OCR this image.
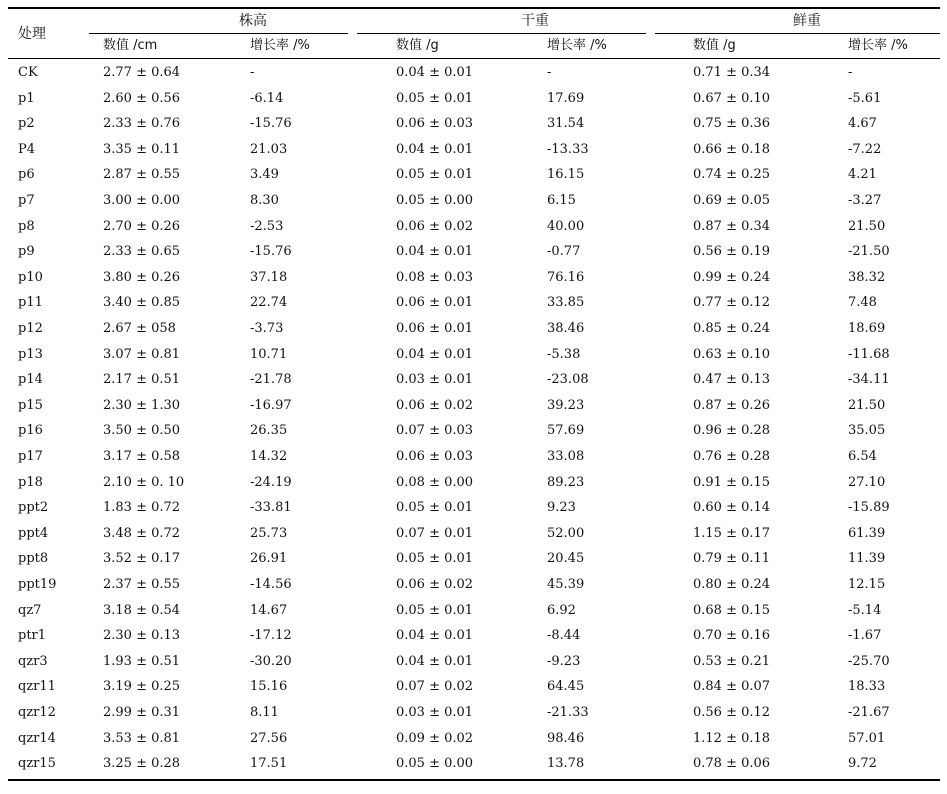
处理
株高	干重	鲜重
数值 /cm	增长率 /%	数值 /g	增长率 /%	数值 /g	增长率 /%
CK	2.77 ± 0.64	-	0.04 ± 0.01	-	0.71 ± 0.34	-
p1	2.60 ± 0.56	-6.14	0.05 ± 0.01	17.69	0.67 ± 0.10	-5.61
p2	2.33 ± 0.76	-15.76	0.06 ± 0.03	31.54	0.75 ± 0.36	4.67
P4	3.35 ± 0.11	21.03	0.04 ± 0.01	-13.33	0.66 ± 0.18	-7.22
p6	2.87 ± 0.55	3.49	0.05 ± 0.01	16.15	0.74 ± 0.25	4.21
p7	3.00 ± 0.00	8.30	0.05 ± 0.00	6.15	0.69 ± 0.05	-3.27
p8	2.70 ± 0.26	-2.53	0.06 ± 0.02	40.00	0.87 ± 0.34	21.50
p9	2.33 ± 0.65	-15.76	0.04 ± 0.01	-0.77	0.56 ± 0.19	-21.50
p10	3.80 ± 0.26	37.18	0.08 ± 0.03	76.16	0.99 ± 0.24	38.32
p11	3.40 ± 0.85	22.74	0.06 ± 0.01	33.85	0.77 ± 0.12	7.48
p12	2.67 ± 058	-3.73	0.06 ± 0.01	38.46	0.85 ± 0.24	18.69
p13	3.07 ± 0.81	10.71	0.04 ± 0.01	-5.38	0.63 ± 0.10	-11.68
p14	2.17 ± 0.51	-21.78	0.03 ± 0.01	-23.08	0.47 ± 0.13	-34.11
p15	2.30 ± 1.30	-16.97	0.06 ± 0.02	39.23	0.87 ± 0.26	21.50
p16	3.50 ± 0.50	26.35	0.07 ± 0.03	57.69	0.96 ± 0.28	35.05
p17	3.17 ± 0.58	14.32	0.06 ± 0.03	33.08	0.76 ± 0.28	6.54
p18	2.10 ± 0. 10	-24.19	0.08 ± 0.00	89.23	0.91 ± 0.15	27.10
ppt2	1.83 ± 0.72	-33.81	0.05 ± 0.01	9.23	0.60 ± 0.14	-15.89
ppt4	3.48 ± 0.72	25.73	0.07 ± 0.01	52.00	1.15 ± 0.17	61.39
ppt8	3.52 ± 0.17	26.91	0.05 ± 0.01	20.45	0.79 ± 0.11	11.39
ppt19	2.37 ± 0.55	-14.56	0.06 ± 0.02	45.39	0.80 ± 0.24	12.15
qz7	3.18 ± 0.54	14.67	0.05 ± 0.01	6.92	0.68 ± 0.15	-5.14
ptr1	2.30 ± 0.13	-17.12	0.04 ± 0.01	-8.44	0.70 ± 0.16	-1.67
qzr3	1.93 ± 0.51	-30.20	0.04 ± 0.01	-9.23	0.53 ± 0.21	-25.70
qzr11	3.19 ± 0.25	15.16	0.07 ± 0.02	64.45	0.84 ± 0.07	18.33
qzr12	2.99 ± 0.31	8.11	0.03 ± 0.01	-21.33	0.56 ± 0.12	-21.67
qzr14	3.53 ± 0.81	27.56	0.09 ± 0.02	98.46	1.12 ± 0.18	57.01
qzr15	3.25 ± 0.28	17.51	0.05 ± 0.00	13.78	0.78 ± 0.06	9.72
